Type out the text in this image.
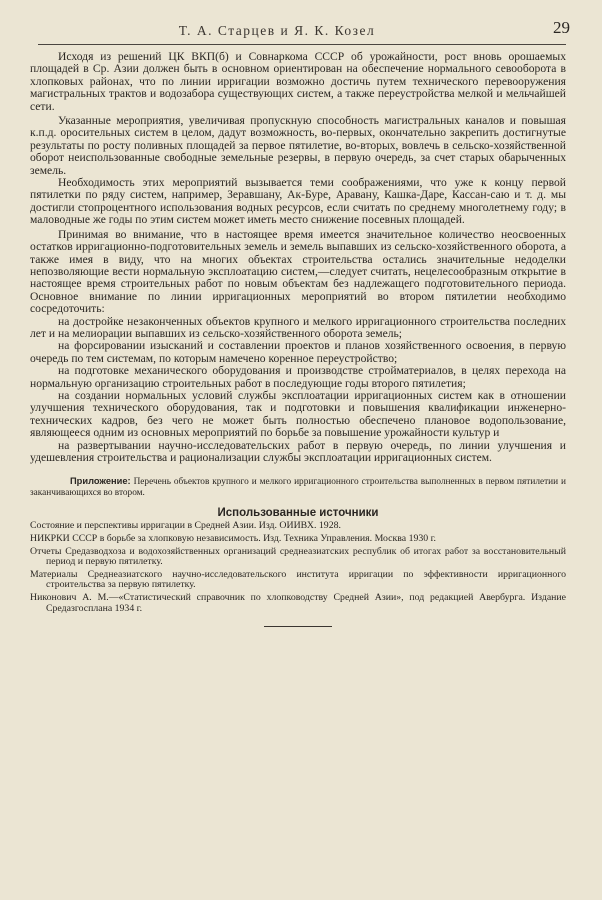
Т. А. Старцев и Я. К. Козел	29

Исходя из решений ЦК ВКП(б) и Совнаркома СССР об урожайности, рост вновь орошаемых площадей в Ср. Азии должен быть в основном ориентирован на обеспечение нормального севооборота в хлопковых районах, что по линии ирригации возможно достичь путем технического перевооружения магистральных трактов и водозабора существующих систем, а также переустройства мелкой и мельчайшей сети.

Указанные мероприятия, увеличивая пропускную способность магистральных каналов и повышая к.п.д. оросительных систем в целом, дадут возможность, во-первых, окончательно закрепить достигнутые результаты по росту поливных площадей за первое пятилетие, во-вторых, вовлечь в сельско-хозяйственной оборот неиспользованные свободные земельные резервы, в первую очередь, за счет старых обарыченных земель.

Необходимость этих мероприятий вызывается теми соображениями, что уже к концу первой пятилетки по ряду систем, например, Зеравшану, Ак-Буре, Аравану, Кашка-Даре, Кассан-саю и т. д. мы достигли стопроцентного использования водных ресурсов, если считать по среднему многолетнему году; в маловодные же годы по этим систем может иметь место снижение посевных площадей.

Принимая во внимание, что в настоящее время имеется значительное количество неосвоенных остатков ирригационно-подготовительных земель и земель выпавших из сельско-хозяйственного оборота, а также имея в виду, что на многих объектах строительства остались значительные недоделки непозволяющие вести нормальную эксплоатацию систем,—следует считать, нецелесообразным открытие в настоящее время строительных работ по новым объектам без надлежащего подготовительного периода. Основное внимание по линии ирригационных мероприятий во втором пятилетии необходимо сосредоточить:

на достройке незаконченных объектов крупного и мелкого ирригационного строительства последних лет и на мелиорации выпавших из сельско-хозяйственного оборота земель;

на форсировании изысканий и составлении проектов и планов хозяйственного освоения, в первую очередь по тем системам, по которым намечено коренное переустройство;

на подготовке механического оборудования и производстве стройматериалов, в целях перехода на нормальную организацию строительных работ в последующие годы второго пятилетия;

на создании нормальных условий службы эксплоатации ирригационных систем как в отношении улучшения технического оборудования, так и подготовки и повышения квалификации инженерно-технических кадров, без чего не может быть полностью обеспечено плановое водопользование, являющееся одним из основных мероприятий по борьбе за повышение урожайности культур и

на развертывании научно-исследовательских работ в первую очередь, по линии улучшения и удешевления строительства и рационализации службы эксплоатации ирригационных систем.

Приложение: Перечень объектов крупного и мелкого ирригационного строительства выполненных в первом пятилетии и заканчивающихся во втором.
Использованные источники

Состояние и перспективы ирригации в Средней Азии. Изд. ОИИВХ. 1928.

НИКРКИ СССР в борьбе за хлопковую независимость. Изд. Техника Управления. Москва 1930 г.

Отчеты Средазводхоза и водохозяйственных организаций среднеазиатских республик об итогах работ за восстановительный период и первую пятилетку.

Материалы Среднеазиатского научно-исследовательского института ирригации по эффективности ирригационного строительства за первую пятилетку.

Никонович А. М.—«Статистический справочник по хлопководству Средней Азии», под редакцией Авербурга. Издание Средазгосплана 1934 г.
